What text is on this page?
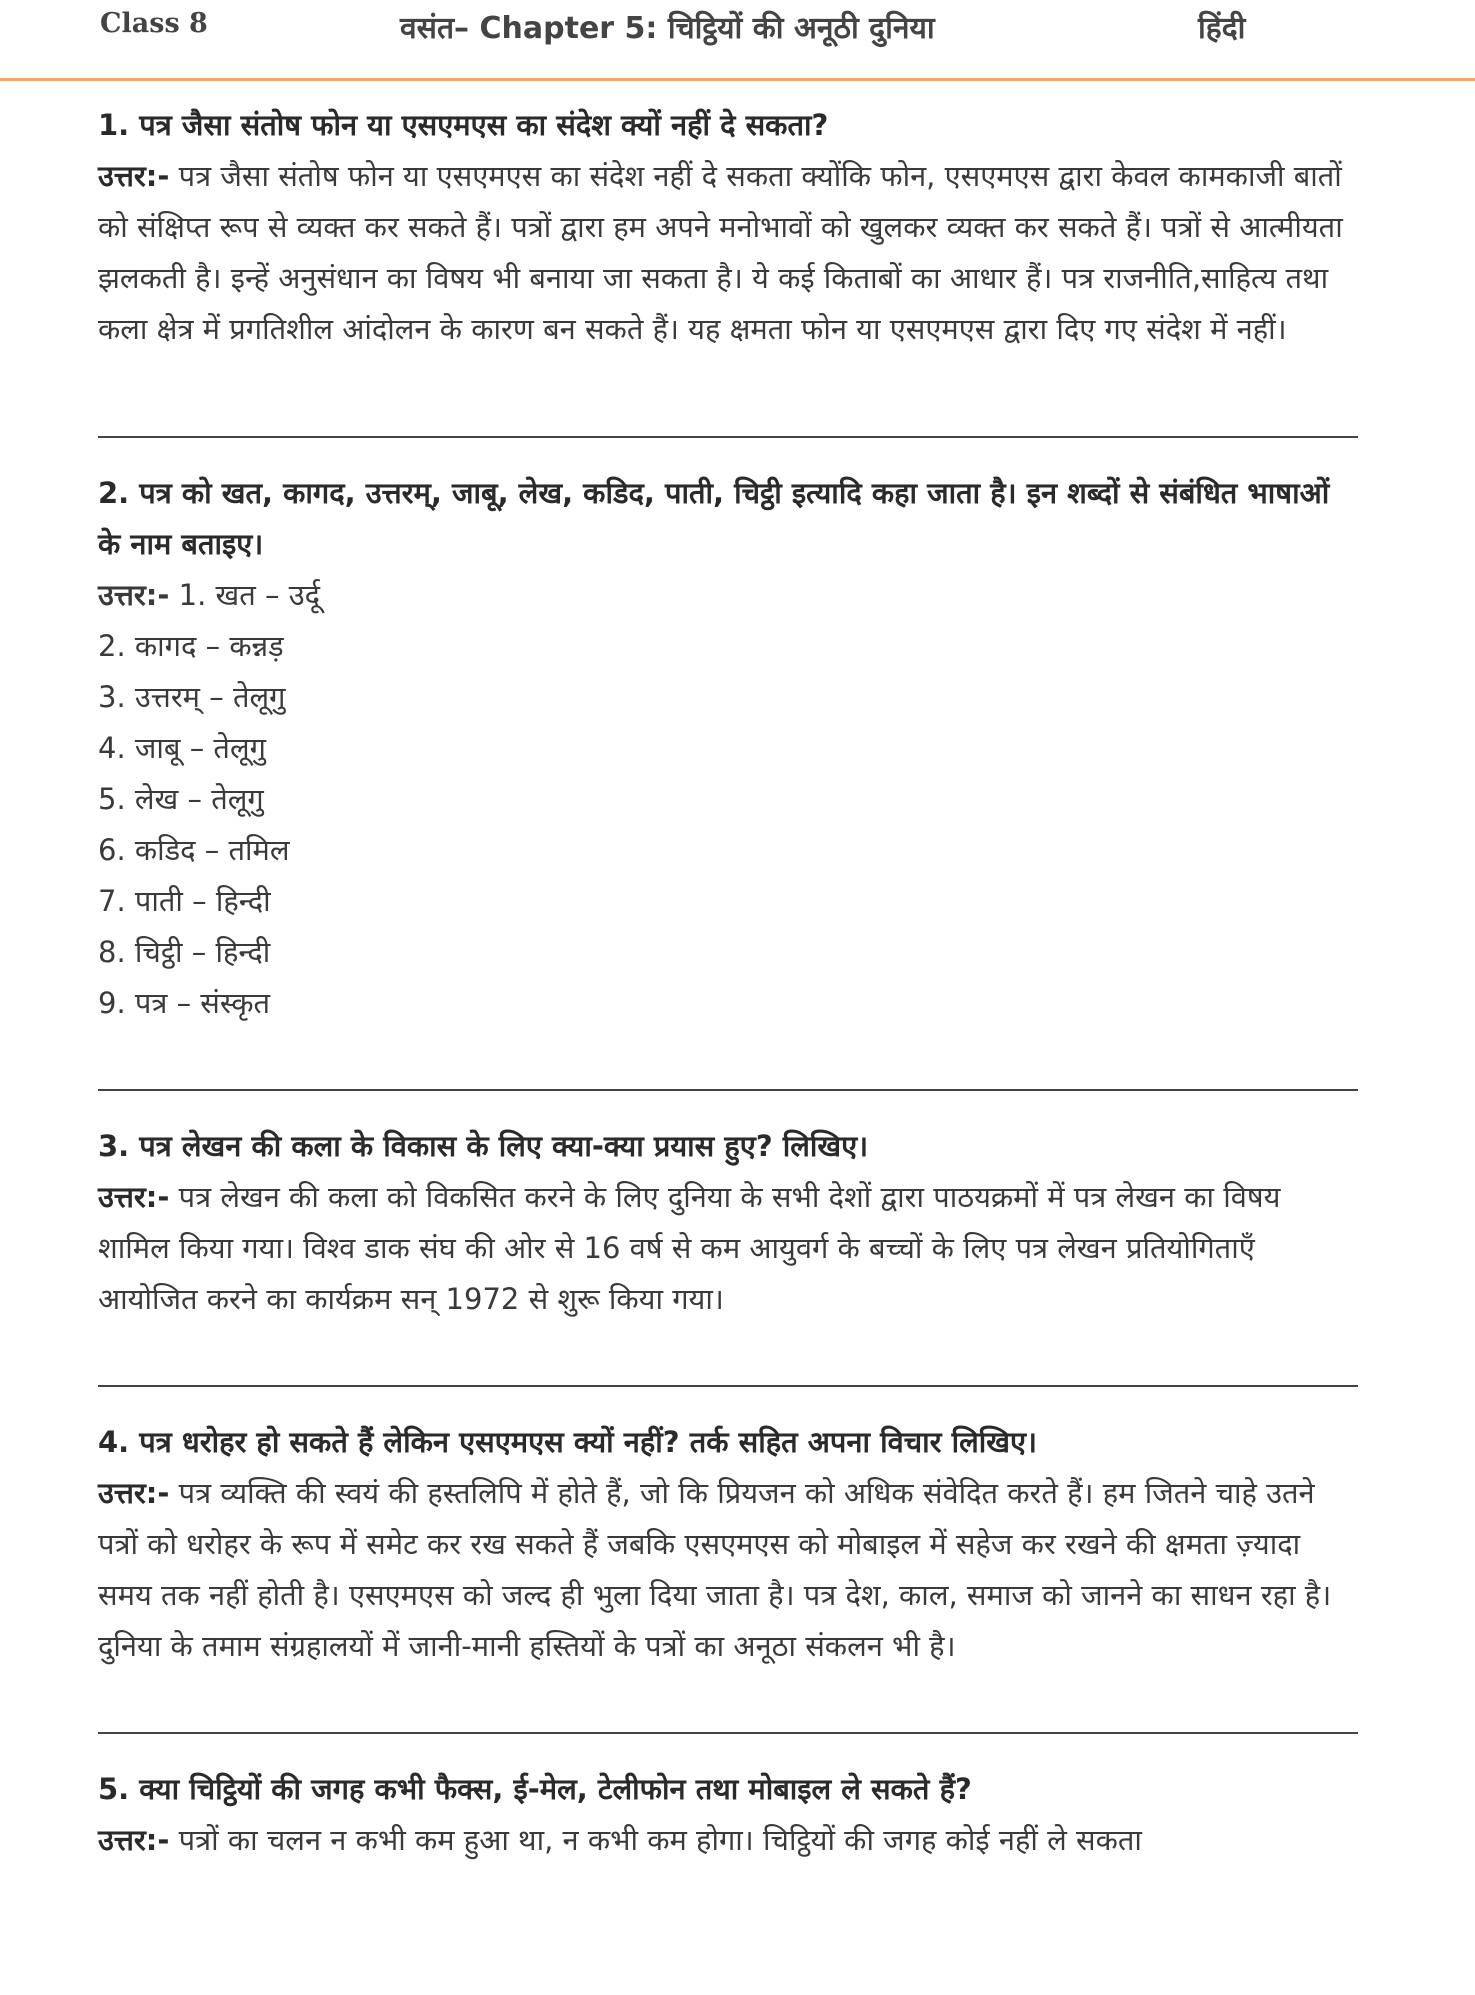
Class 8	वसंत– Chapter 5: चिट्ठियों की अनूठी दुनिया	हिंदी
1. पत्र जैसा संतोष फोन या एसएमएस का संदेश क्यों नहीं दे सकता?
उत्तर:- पत्र जैसा संतोष फोन या एसएमएस का संदेश नहीं दे सकता क्योंकि फोन, एसएमएस द्वारा केवल कामकाजी बातों को संक्षिप्त रूप से व्यक्त कर सकते हैं। पत्रों द्वारा हम अपने मनोभावों को खुलकर व्यक्त कर सकते हैं। पत्रों से आत्मीयता झलकती है। इन्हें अनुसंधान का विषय भी बनाया जा सकता है। ये कई किताबों का आधार हैं। पत्र राजनीति,साहित्य तथा कला क्षेत्र में प्रगतिशील आंदोलन के कारण बन सकते हैं। यह क्षमता फोन या एसएमएस द्वारा दिए गए संदेश में नहीं।
2. पत्र को खत, कागद, उत्तरम्, जाबू, लेख, कडिद, पाती, चिट्ठी इत्यादि कहा जाता है। इन शब्दों से संबंधित भाषाओं के नाम बताइए।
उत्तर:- 1. खत – उर्दू
2. कागद – कन्नड़
3. उत्तरम् – तेलूगु
4. जाबू – तेलूगु
5. लेख – तेलूगु
6. कडिद – तमिल
7. पाती – हिन्दी
8. चिट्ठी – हिन्दी
9. पत्र – संस्कृत
3. पत्र लेखन की कला के विकास के लिए क्या-क्या प्रयास हुए? लिखिए।
उत्तर:- पत्र लेखन की कला को विकसित करने के लिए दुनिया के सभी देशों द्वारा पाठयक्रमों में पत्र लेखन का विषय शामिल किया गया। विश्व डाक संघ की ओर से 16 वर्ष से कम आयुवर्ग के बच्चों के लिए पत्र लेखन प्रतियोगिताएँ आयोजित करने का कार्यक्रम सन् 1972 से शुरू किया गया।
4. पत्र धरोहर हो सकते हैं लेकिन एसएमएस क्यों नहीं? तर्क सहित अपना विचार लिखिए।
उत्तर:- पत्र व्यक्ति की स्वयं की हस्तलिपि में होते हैं, जो कि प्रियजन को अधिक संवेदित करते हैं। हम जितने चाहे उतने पत्रों को धरोहर के रूप में समेट कर रख सकते हैं जबकि एसएमएस को मोबाइल में सहेज कर रखने की क्षमता ज़्यादा समय तक नहीं होती है। एसएमएस को जल्द ही भुला दिया जाता है। पत्र देश, काल, समाज को जानने का साधन रहा है। दुनिया के तमाम संग्रहालयों में जानी-मानी हस्तियों के पत्रों का अनूठा संकलन भी है।
5. क्या चिट्ठियों की जगह कभी फैक्स, ई-मेल, टेलीफोन तथा मोबाइल ले सकते हैं?
उत्तर:- पत्रों का चलन न कभी कम हुआ था, न कभी कम होगा। चिट्ठियों की जगह कोई नहीं ले सकता
